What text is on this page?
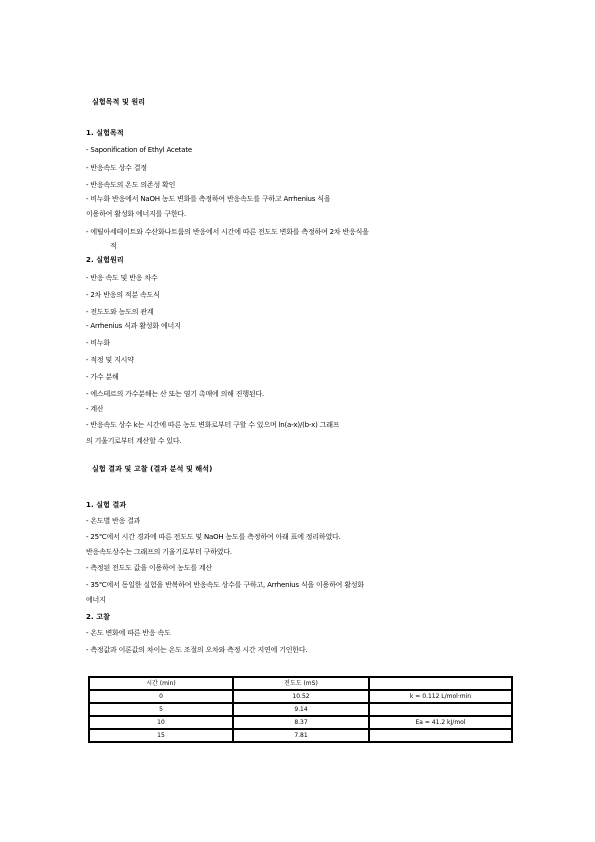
실험목적 및 원리
1. 실험목적
- Saponification of Ethyl Acetate
- 반응속도 상수 결정
- 반응속도의 온도 의존성 확인
- 비누화 반응에서 NaOH 농도 변화를 측정하여 반응속도를 구하고 Arrhenius 식을
이용하여 활성화 에너지를 구한다.
- 에틸아세테이트와 수산화나트륨의 반응에서 시간에 따른 전도도 변화를 측정하여 2차 반응식을
적
2. 실험원리
- 반응 속도 및 반응 차수
- 2차 반응의 적분 속도식
- 전도도와 농도의 관계
- Arrhenius 식과 활성화 에너지
- 비누화
- 적정 및 지시약
- 가수 분해
- 에스테르의 가수분해는 산 또는 염기 촉매에 의해 진행된다.
- 계산
- 반응속도 상수 k는 시간에 따른 농도 변화로부터 구할 수 있으며 ln(a-x)/(b-x) 그래프
의 기울기로부터 계산할 수 있다.
실험 결과 및 고찰 (결과 분석 및 해석)
1. 실험 결과
- 온도별 반응 결과
- 25℃에서 시간 경과에 따른 전도도 및 NaOH 농도를 측정하여 아래 표에 정리하였다.
반응속도상수는 그래프의 기울기로부터 구하였다.
- 측정된 전도도 값을 이용하여 농도를 계산
- 35℃에서 동일한 실험을 반복하여 반응속도 상수를 구하고, Arrhenius 식을 이용하여 활성화
에너지
2. 고찰
- 온도 변화에 따른 반응 속도
- 측정값과 이론값의 차이는 온도 조절의 오차와 측정 시간 지연에 기인한다.
시간 (min)	전도도 (mS)	
0	10.52	k = 0.112 L/mol·min
5	9.14	
10	8.37	Ea = 41.2 kJ/mol
15	7.81	
